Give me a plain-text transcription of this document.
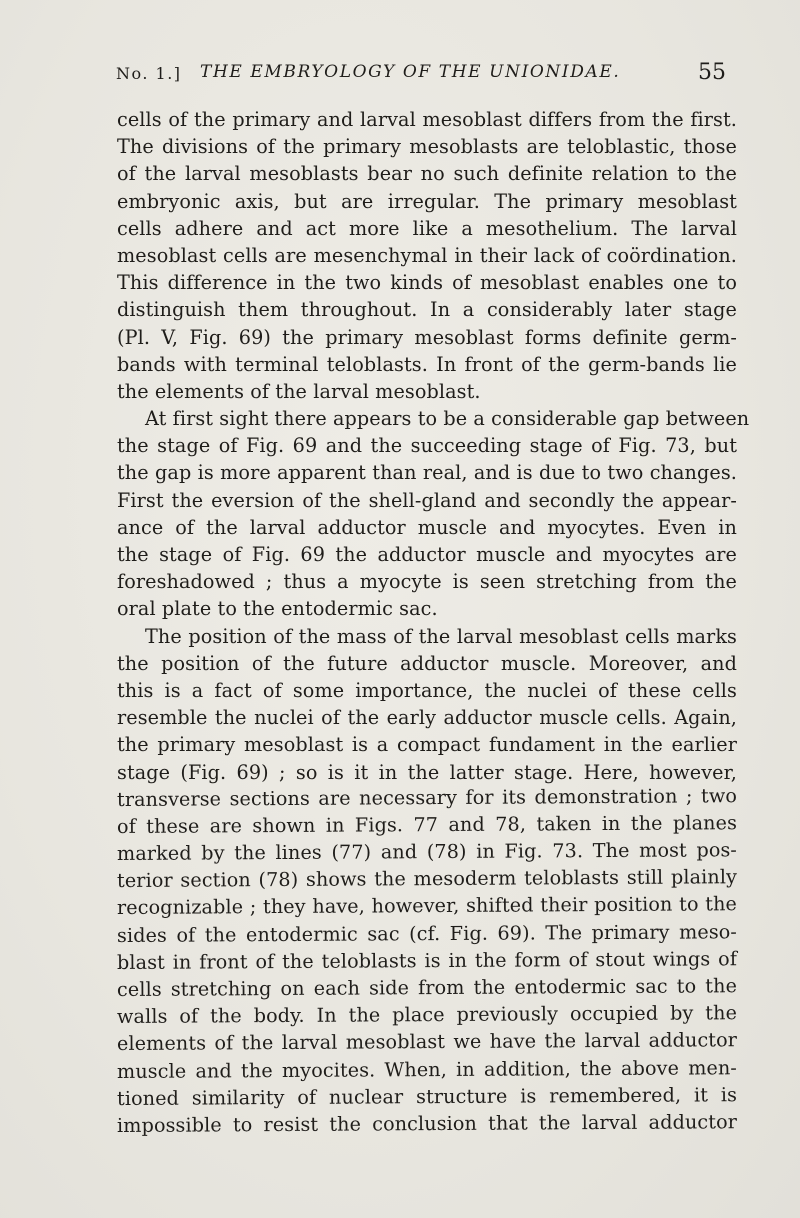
No. 1.] THE EMBRYOLOGY OF THE UNIONIDAE.	55
cells of the primary and larval mesoblast differs from the first.
The divisions of the primary mesoblasts are teloblastic, those
of the larval mesoblasts bear no such definite relation to the
embryonic axis, but are irregular. The primary mesoblast
cells adhere and act more like a mesothelium. The larval
mesoblast cells are mesenchymal in their lack of coördination.
This difference in the two kinds of mesoblast enables one to
distinguish them throughout. In a considerably later stage
(Pl. V, Fig. 69) the primary mesoblast forms definite germ-
bands with terminal teloblasts. In front of the germ-bands lie
the elements of the larval mesoblast.
At first sight there appears to be a considerable gap between
the stage of Fig. 69 and the succeeding stage of Fig. 73, but
the gap is more apparent than real, and is due to two changes.
First the eversion of the shell-gland and secondly the appear-
ance of the larval adductor muscle and myocytes. Even in
the stage of Fig. 69 the adductor muscle and myocytes are
foreshadowed ; thus a myocyte is seen stretching from the
oral plate to the entodermic sac.
The position of the mass of the larval mesoblast cells marks
the position of the future adductor muscle. Moreover, and
this is a fact of some importance, the nuclei of these cells
resemble the nuclei of the early adductor muscle cells. Again,
the primary mesoblast is a compact fundament in the earlier
stage (Fig. 69) ; so is it in the latter stage. Here, however,
transverse sections are necessary for its demonstration ; two
of these are shown in Figs. 77 and 78, taken in the planes
marked by the lines (77) and (78) in Fig. 73. The most pos-
terior section (78) shows the mesoderm teloblasts still plainly
recognizable ; they have, however, shifted their position to the
sides of the entodermic sac (cf. Fig. 69). The primary meso-
blast in front of the teloblasts is in the form of stout wings of
cells stretching on each side from the entodermic sac to the
walls of the body. In the place previously occupied by the
elements of the larval mesoblast we have the larval adductor
muscle and the myocites. When, in addition, the above men-
tioned similarity of nuclear structure is remembered, it is
impossible to resist the conclusion that the larval adductor
